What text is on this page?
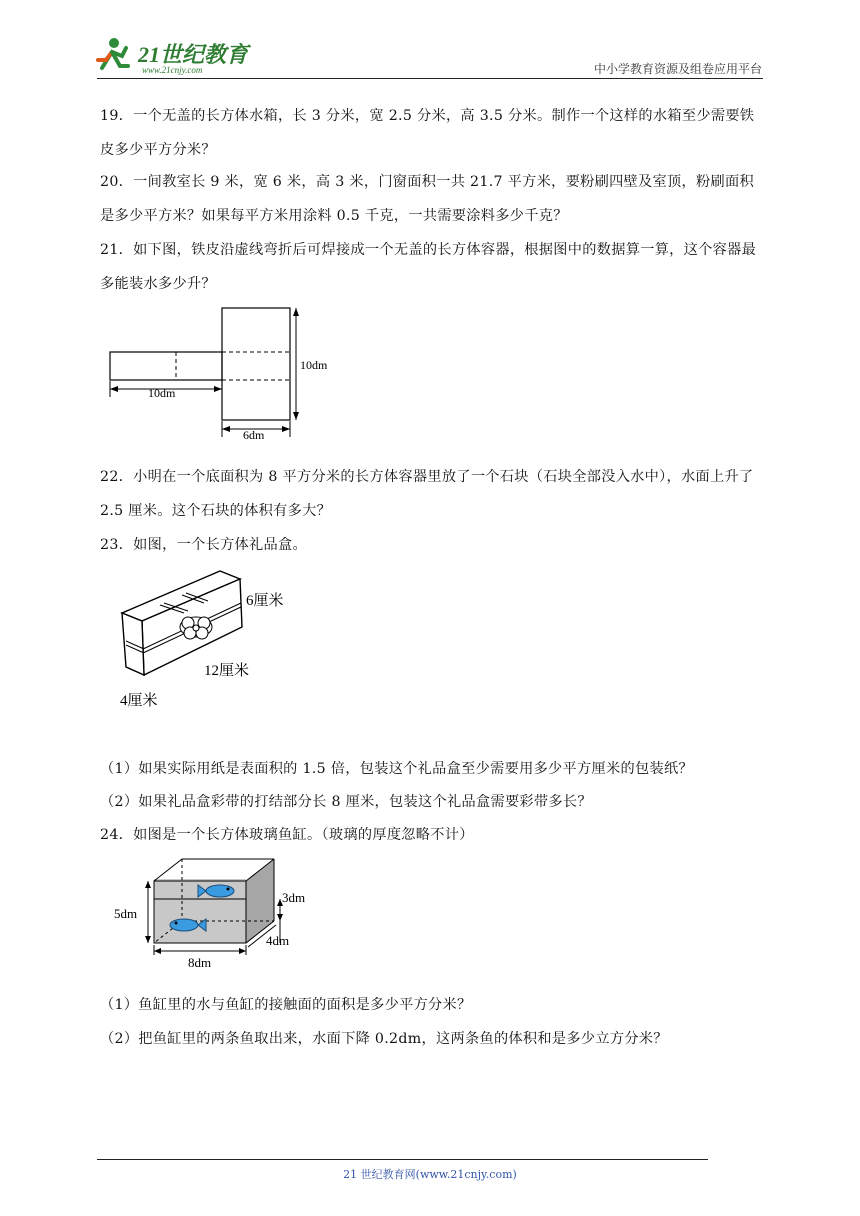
21世纪教育
www.21cnjy.com	中小学教育资源及组卷应用平台
19．一个无盖的长方体水箱，长 3 分米，宽 2.5 分米，高 3.5 分米。制作一个这样的水箱至少需要铁皮多少平方分米？
20．一间教室长 9 米，宽 6 米，高 3 米，门窗面积一共 21.7 平方米，要粉刷四壁及室顶，粉刷面积是多少平方米？如果每平方米用涂料 0.5 千克，一共需要涂料多少千克？
21．如下图，铁皮沿虚线弯折后可焊接成一个无盖的长方体容器，根据图中的数据算一算，这个容器最多能装水多少升？
10dm
10dm
6dm
22．小明在一个底面积为 8 平方分米的长方体容器里放了一个石块（石块全部没入水中），水面上升了 2.5 厘米。这个石块的体积有多大？
23．如图，一个长方体礼品盒。
6厘米
12厘米
4厘米
（1）如果实际用纸是表面积的 1.5 倍，包装这个礼品盒至少需要用多少平方厘米的包装纸？
（2）如果礼品盒彩带的打结部分长 8 厘米，包装这个礼品盒需要彩带多长？
24．如图是一个长方体玻璃鱼缸。（玻璃的厚度忽略不计）
5dm
3dm
4dm
8dm
（1）鱼缸里的水与鱼缸的接触面的面积是多少平方分米？
（2）把鱼缸里的两条鱼取出来，水面下降 0.2dm，这两条鱼的体积和是多少立方分米？
21 世纪教育网(www.21cnjy.com)
